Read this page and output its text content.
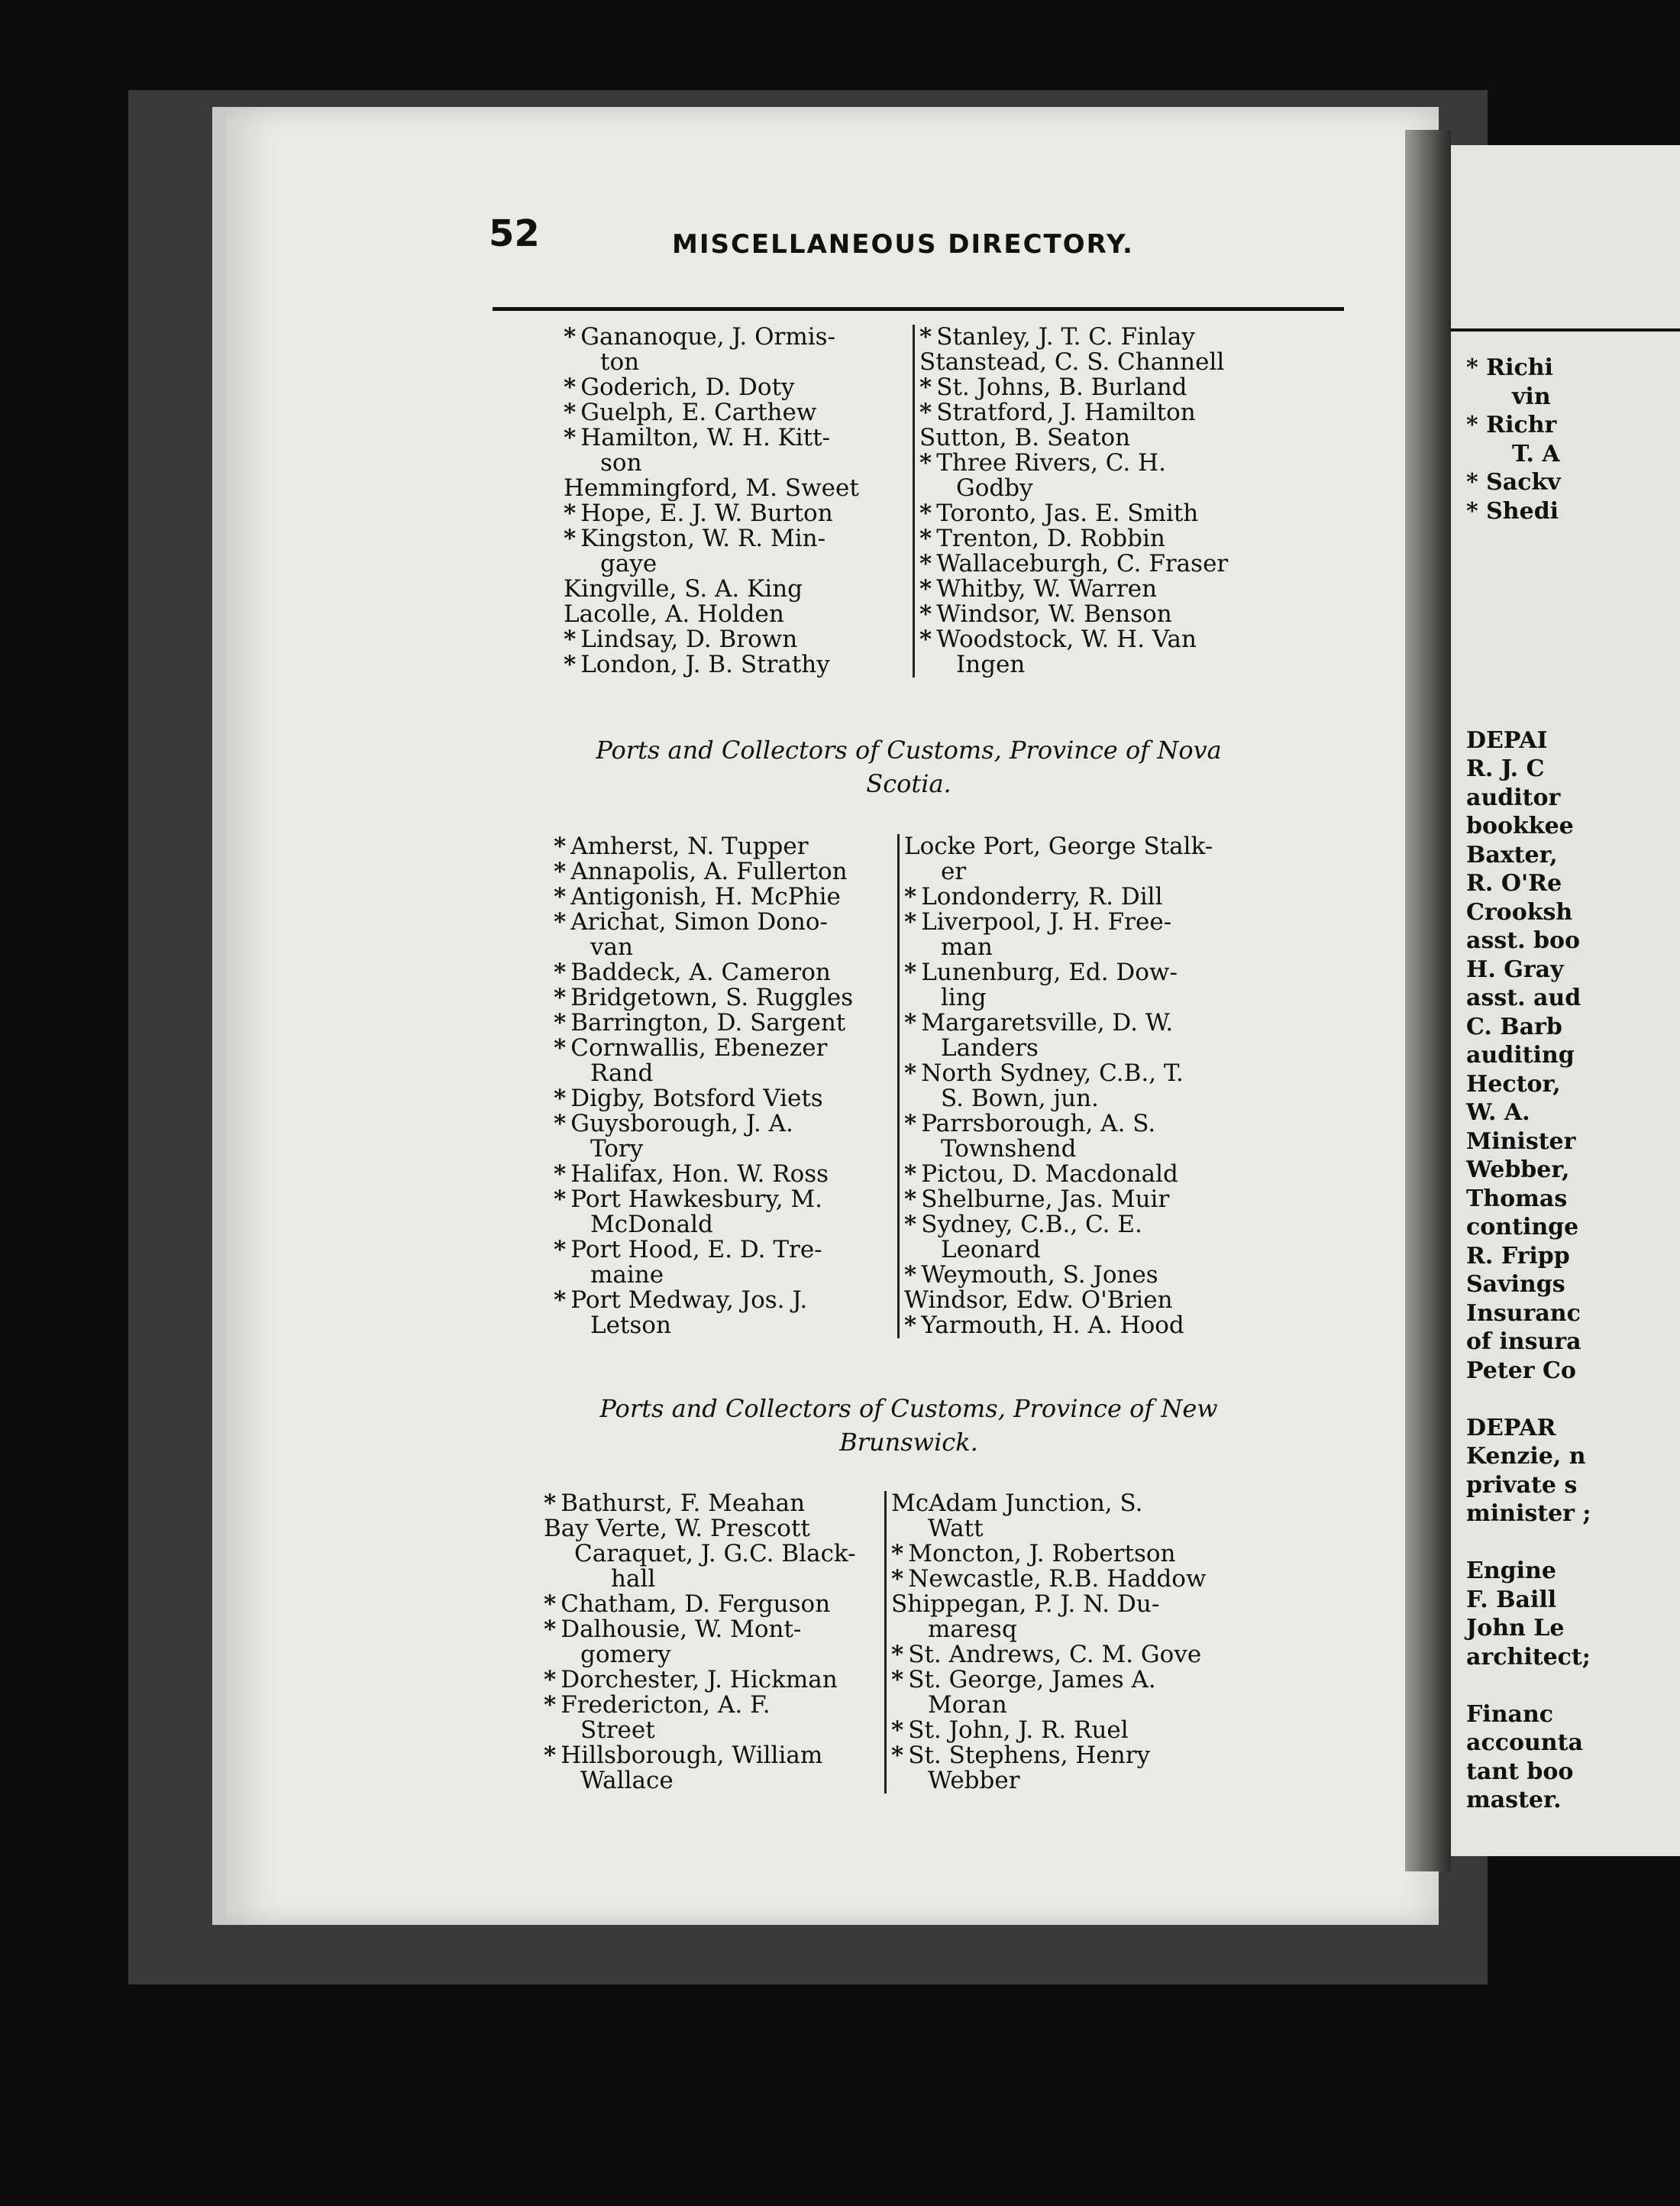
* Richi
vin
* Richr
T. A
* Sackv
* Shedi
DEPAI
R. J. C
auditor
bookkee
Baxter,
R. O'Re
Crooksh
asst. boo
H. Gray
asst. aud
C. Barb
auditing
Hector,
W. A.
Minister
Webber,
Thomas
continge
R. Fripp
Savings
Insuranc
of insura
Peter Co
DEPAR
Kenzie, n
private s
minister ;
Engine
F. Baill
John Le
architect;
Financ
accounta
tant boo
master.
52	MISCELLANEOUS DIRECTORY.

* Gananoque, J. Ormis-
ton

* Goderich, D. Doty

* Guelph, E. Carthew

* Hamilton, W. H. Kitt-
son

Hemmingford, M. Sweet

* Hope, E. J. W. Burton

* Kingston, W. R. Min-
gaye

Kingville, S. A. King

Lacolle, A. Holden

* Lindsay, D. Brown

* London, J. B. Strathy

* Stanley, J. T. C. Finlay

Stanstead, C. S. Channell

* St. Johns, B. Burland

* Stratford, J. Hamilton

Sutton, B. Seaton

* Three Rivers, C. H.
Godby

* Toronto, Jas. E. Smith

* Trenton, D. Robbin

* Wallaceburgh, C. Fraser

* Whitby, W. Warren

* Windsor, W. Benson

* Woodstock, W. H. Van
Ingen

Ports and Collectors of Customs, Province of Nova Scotia.

* Amherst, N. Tupper

* Annapolis, A. Fullerton

* Antigonish, H. McPhie

* Arichat, Simon Dono-
van

* Baddeck, A. Cameron

* Bridgetown, S. Ruggles

* Barrington, D. Sargent

* Cornwallis, Ebenezer
Rand

* Digby, Botsford Viets

* Guysborough, J. A.
Tory

* Halifax, Hon. W. Ross

* Port Hawkesbury, M.
McDonald

* Port Hood, E. D. Tre-
maine

* Port Medway, Jos. J.
Letson

Locke Port, George Stalk-
er

* Londonderry, R. Dill

* Liverpool, J. H. Free-
man

* Lunenburg, Ed. Dow-
ling

* Margaretsville, D. W.
Landers

* North Sydney, C.B., T.
S. Bown, jun.

* Parrsborough, A. S.
Townshend

* Pictou, D. Macdonald

* Shelburne, Jas. Muir

* Sydney, C.B., C. E.
Leonard

* Weymouth, S. Jones

Windsor, Edw. O'Brien

* Yarmouth, H. A. Hood

Ports and Collectors of Customs, Province of New Brunswick.

* Bathurst, F. Meahan

Bay Verte, W. Prescott

Caraquet, J. G.C. Black-
hall

* Chatham, D. Ferguson

* Dalhousie, W. Mont-
gomery

* Dorchester, J. Hickman

* Fredericton, A. F.
Street

* Hillsborough, William
Wallace

McAdam Junction, S.
Watt

* Moncton, J. Robertson

* Newcastle, R.B. Haddow

Shippegan, P. J. N. Du-
maresq

* St. Andrews, C. M. Gove

* St. George, James A.
Moran

* St. John, J. R. Ruel

* St. Stephens, Henry
Webber
